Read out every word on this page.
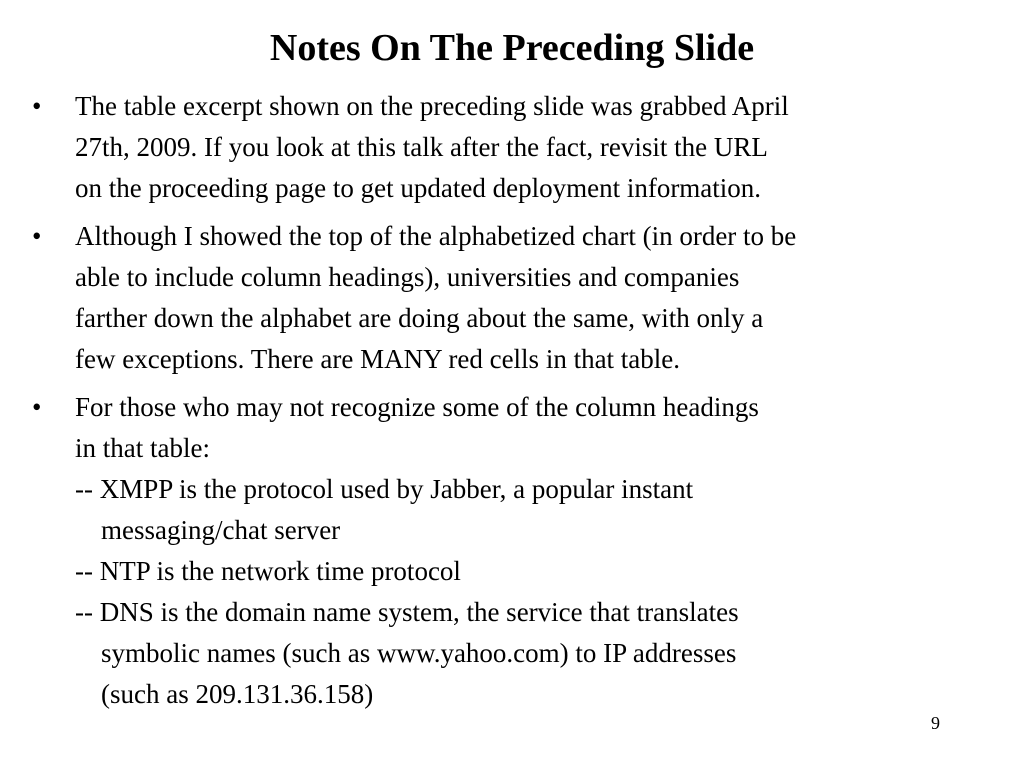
Notes On The Preceding Slide
•	The table excerpt shown on the preceding slide was grabbed April
27th, 2009. If you look at this talk after the fact, revisit the URL
on the proceeding page to get updated deployment information.
•	Although I showed the top of the alphabetized chart (in order to be
able to include column headings), universities and companies
farther down the alphabet are doing about the same, with only a
few exceptions. There are MANY red cells in that table.
•	For those who may not recognize some of the column headings
in that table:
-- XMPP is the protocol used by Jabber, a popular instant
messaging/chat server
-- NTP is the network time protocol
-- DNS is the domain name system, the service that translates
symbolic names (such as www.yahoo.com) to IP addresses
(such as 209.131.36.158)
9
